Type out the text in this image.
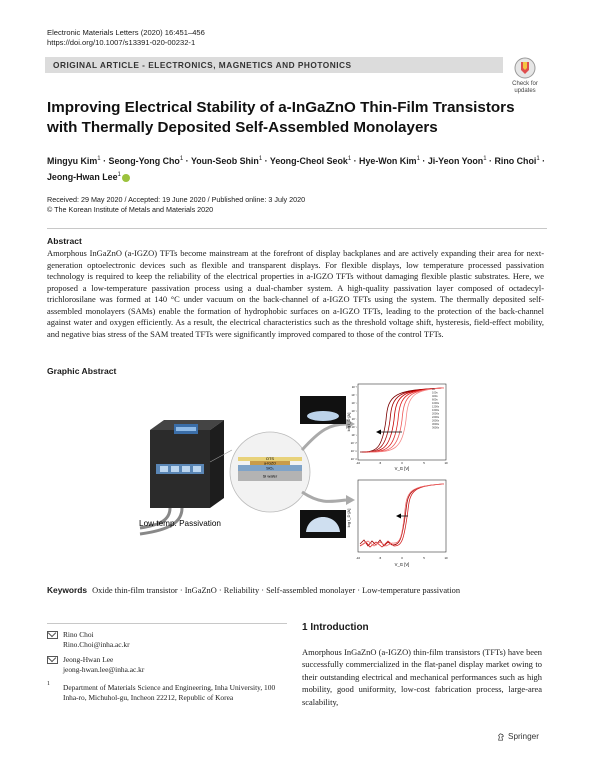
Electronic Materials Letters (2020) 16:451–456
https://doi.org/10.1007/s13391-020-00232-1
ORIGINAL ARTICLE - ELECTRONICS, MAGNETICS AND PHOTONICS
Check for
updates
Improving Electrical Stability of a-InGaZnO Thin-Film Transistors with Thermally Deposited Self-Assembled Monolayers
Mingyu Kim$^1$ · Seong-Yong Cho$^1$ · Youn-Seob Shin$^1$ · Yeong-Cheol Seok$^1$ · Hye-Won Kim$^1$ · Ji-Yeon Yoon$^1$ · Rino Choi$^1$ ·
Jeong-Hwan Lee$^1$
Received: 29 May 2020 / Accepted: 19 June 2020 / Published online: 3 July 2020
© The Korean Institute of Metals and Materials 2020
Abstract
Amorphous InGaZnO (a-IGZO) TFTs become mainstream at the forefront of display backplanes and are actively expanding their area for next-generation optoelectronic devices such as flexible and transparent displays. For flexible displays, low temperature processed passivation technology is required to keep the reliability of the electrical properties in a-IGZO TFTs without damaging flexible plastic substrates. Here, we proposed a low-temperature passivation process using a dual-chamber system. A high-quality passivation layer composed of octadecyl-trichlorosilane was formed at 140 °C under vacuum on the back-channel of a-IGZO TFTs using the system. The thermally deposited self-assembled monolayers (SAMs) enable the formation of hydrophobic surfaces on a-IGZO TFTs, leading to the protection of the back-channel against water and oxygen efficiently. As a result, the electrical characteristics such as the threshold voltage shift, hysteresis, field-effect mobility, and negative bias stress of the SAM treated TFTs were significantly improved compared to those of the control TFTs.
Graphic Abstract
Low temp. Passivation
OTS
a-IGZO
SiO₂
Si wafer
0s
100s
400s
600s
1000s
1200s
1600s
2000s
2200s
2600s
3000s
3600s
log I_D [A]
V_G [V]
10⁻³
10⁻⁴
10⁻⁵
10⁻⁶
10⁻⁷
10⁻⁸
10⁻⁹
10⁻¹⁰
10⁻¹¹
10⁻¹²
-10	-5	0	5	10
log I_D [A]
V_G [V]
-10	-5	0	5	10
Keywords Oxide thin-film transistor · InGaZnO · Reliability · Self-assembled monolayer · Low-temperature passivation
Rino Choi
Rino.Choi@inha.ac.kr
Jeong-Hwan Lee
jeong-hwan.lee@inha.ac.kr
1 Department of Materials Science and Engineering, Inha University, 100 Inha-ro, Michuhol-gu, Incheon 22212, Republic of Korea
1 Introduction
Amorphous InGaZnO (a-IGZO) thin-film transistors (TFTs) have been successfully commercialized in the flat-panel display market owing to their outstanding electrical and mechanical performances such as high mobility, good uniformity, low-cost fabrication process, large-area scalability,
Springer
